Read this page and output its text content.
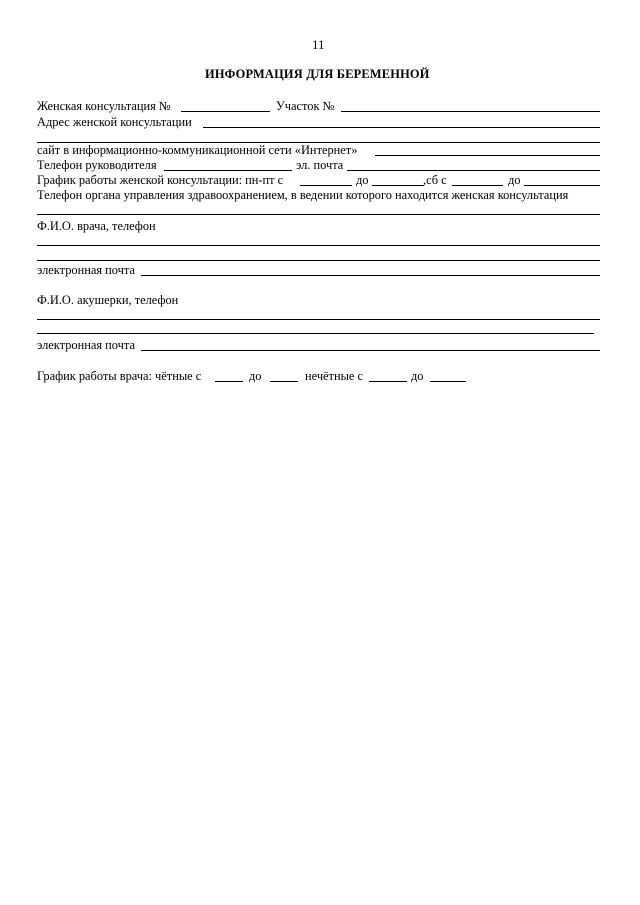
11
ИНФОРМАЦИЯ ДЛЯ БЕРЕМЕННОЙ
Женская консультация №	Участок №
Адрес женской консультации
сайт в информационно-коммуникационной сети «Интернет»
Телефон руководителя	эл. почта
График работы женской консультации: пн-пт с	до	,сб с	до
Телефон органа управления здравоохранением, в ведении которого находится женская консультация
Ф.И.О. врача, телефон
электронная почта
Ф.И.О. акушерки, телефон
электронная почта
График работы врача: чётные с	до	нечётные с	до
